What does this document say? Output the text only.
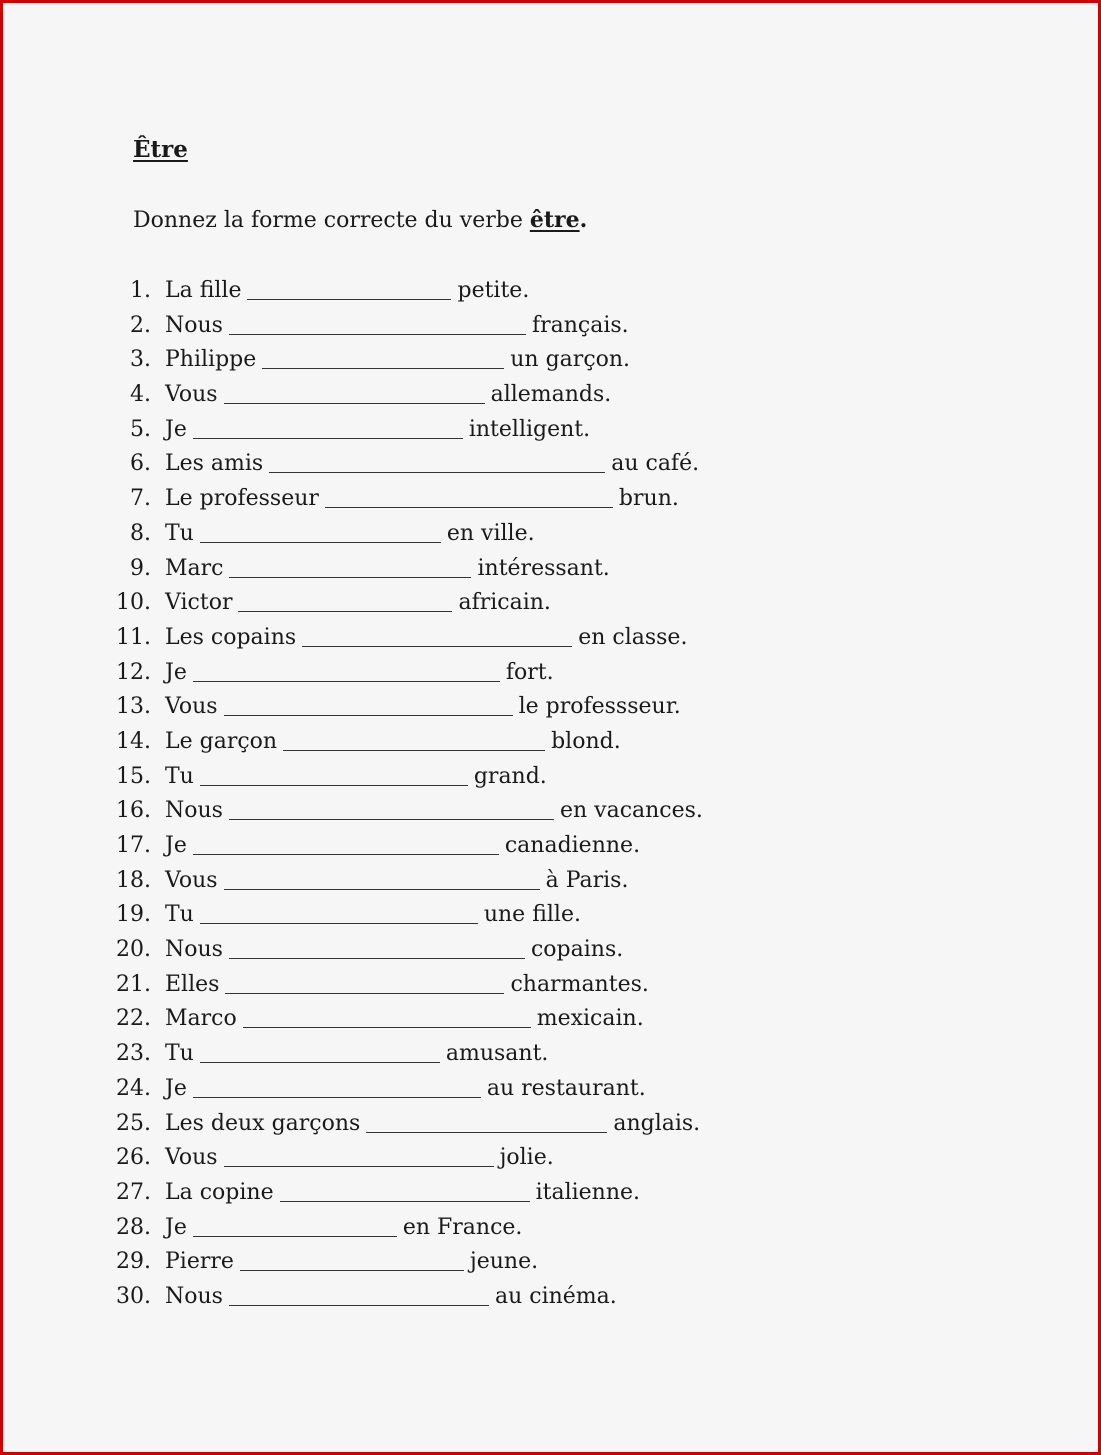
Être

Donnez la forme correcte du verbe être.

1. La fille	petite.
2. Nous	français.
3. Philippe	un garçon.
4. Vous	allemands.
5. Je	intelligent.
6. Les amis	au café.
7. Le professeur	brun.
8. Tu	en ville.
9. Marc	intéressant.
10. Victor	africain.
11. Les copains	en classe.
12. Je	fort.
13. Vous	le professseur.
14. Le garçon	blond.
15. Tu	grand.
16. Nous	en vacances.
17. Je	canadienne.
18. Vous	à Paris.
19. Tu	une fille.
20. Nous	copains.
21. Elles	charmantes.
22. Marco	mexicain.
23. Tu	amusant.
24. Je	au restaurant.
25. Les deux garçons	anglais.
26. Vous	jolie.
27. La copine	italienne.
28. Je	en France.
29. Pierre	jeune.
30. Nous	au cinéma.
